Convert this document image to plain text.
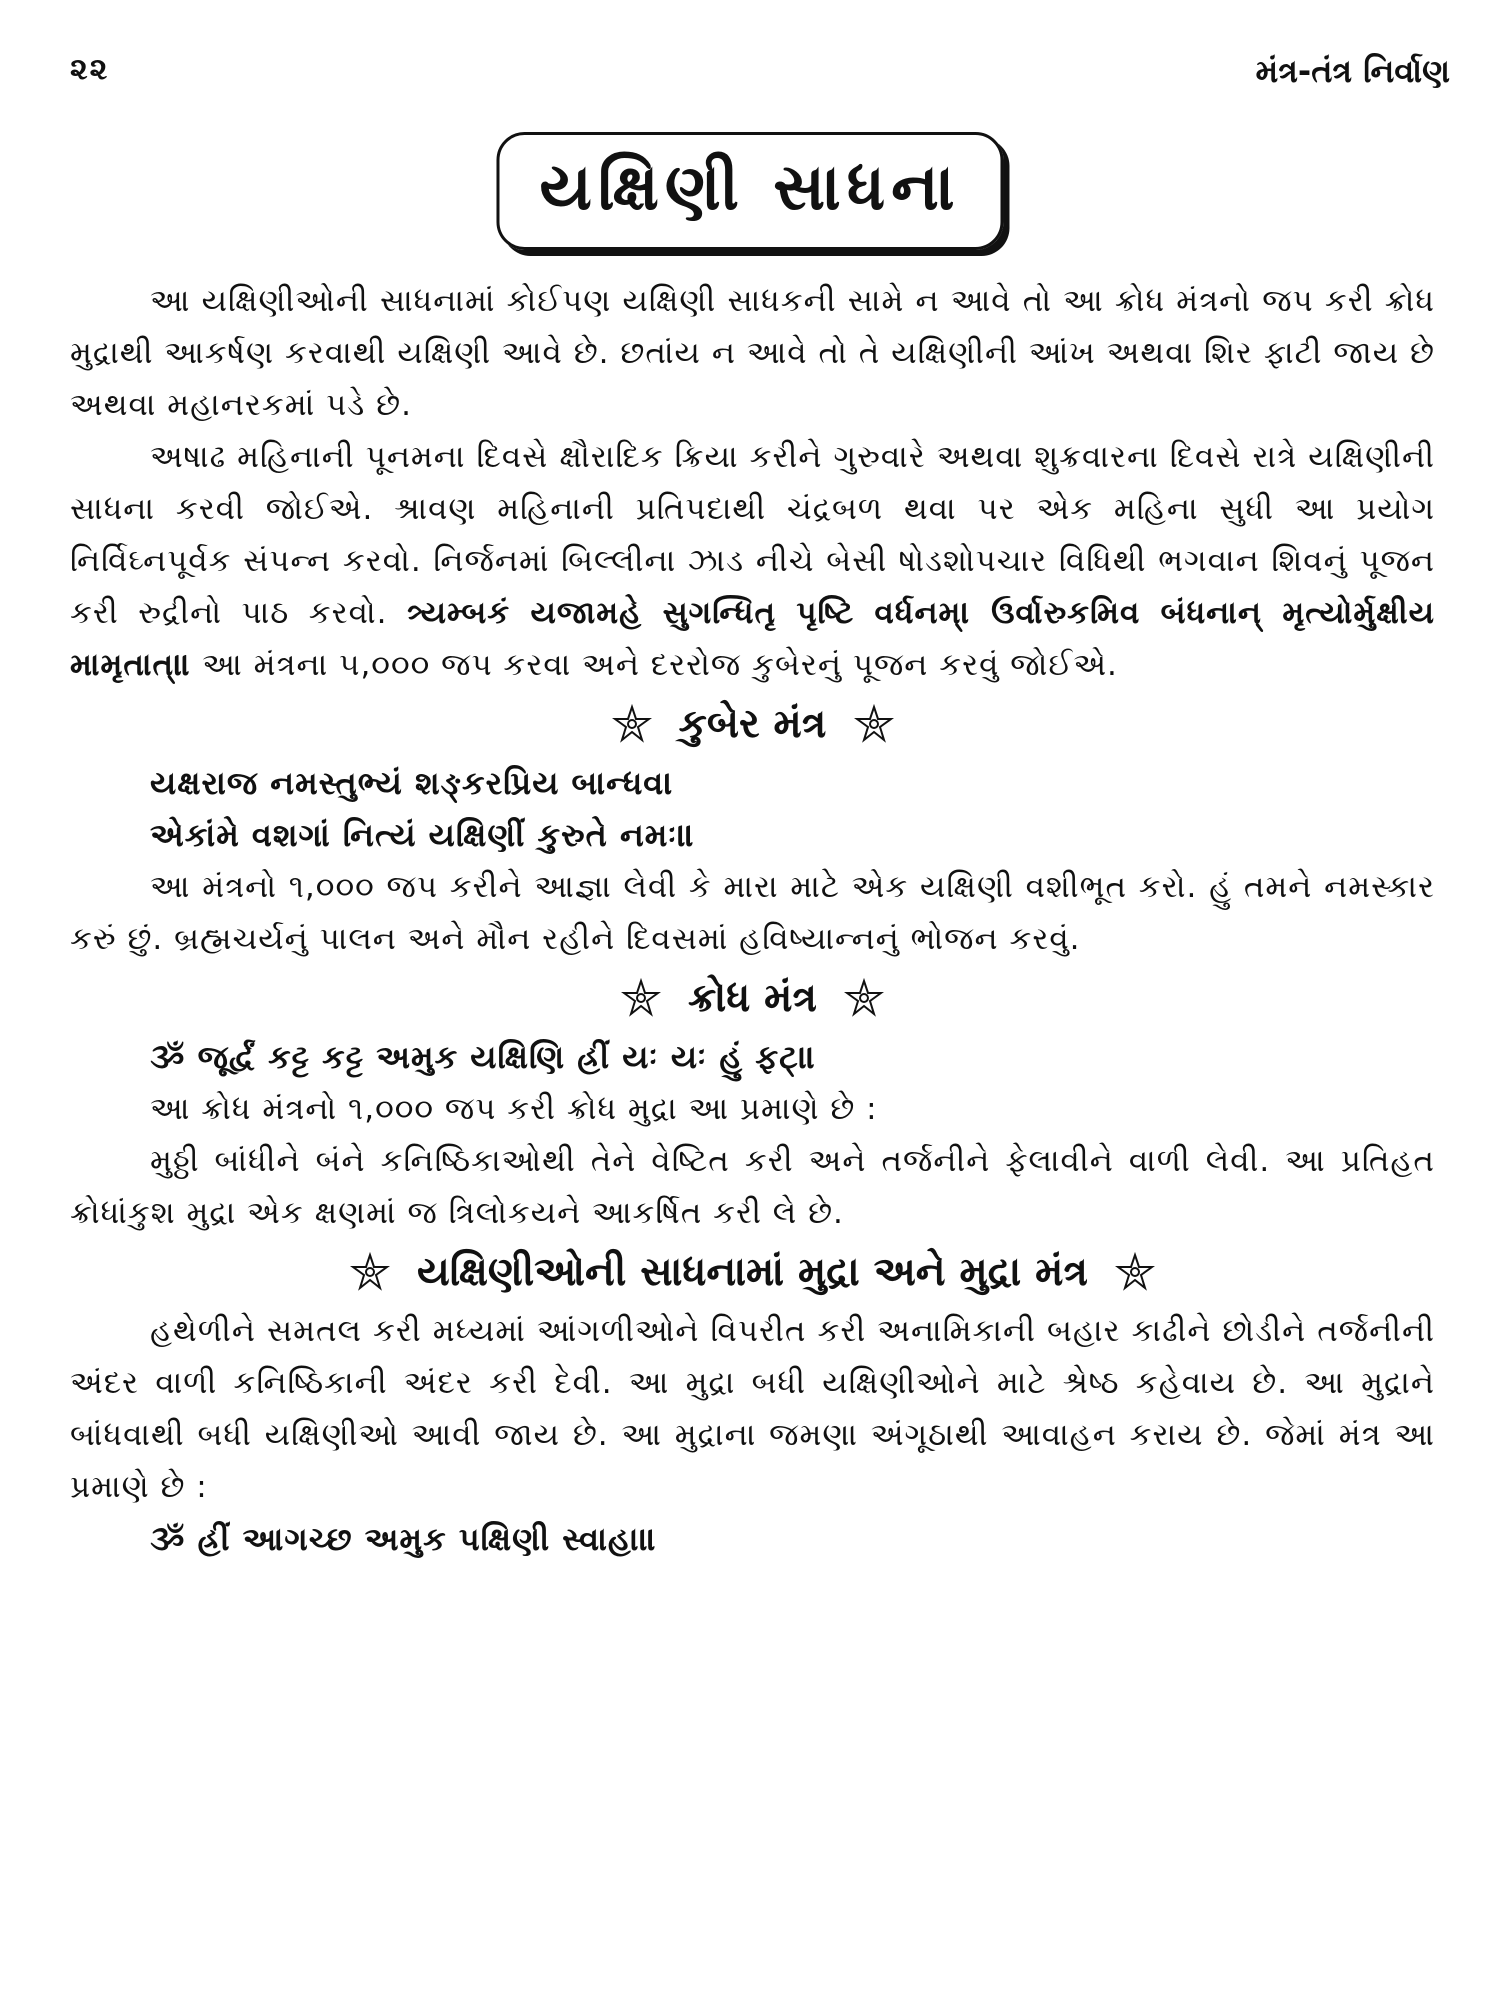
૨૨	મંત્ર-તંત્ર નિર્વાણ
યક્ષિણી સાધના

આ યક્ષિણીઓની સાધનામાં કોઈપણ યક્ષિણી સાધકની સામે ન આવે તો આ ક્રોધ મંત્રનો જપ કરી ક્રોધ મુદ્રાથી આકર્ષણ કરવાથી યક્ષિણી આવે છે. છતાંય ન આવે તો તે યક્ષિણીની આંખ અથવા શિર ફાટી જાય છે અથવા મહાનરકમાં પડે છે.

અષાઢ મહિનાની પૂનમના દિવસે ક્ષૌરાદિક ક્રિયા કરીને ગુરુવારે અથવા શુક્રવારના દિવસે રાત્રે યક્ષિણીની સાધના કરવી જોઈએ. શ્રાવણ મહિનાની પ્રતિપદાથી ચંદ્રબળ થવા પર એક મહિના સુધી આ પ્રયોગ નિર્વિઘ્નપૂર્વક સંપન્ન કરવો. નિર્જનમાં બિલ્લીના ઝાડ નીચે બેસી ષોડશોપચાર વિધિથી ભગવાન શિવનું પૂજન કરી રુદ્રીનો પાઠ કરવો. ત્ર્યમ્બકં યજામહે સુગન્ધિતૃ પૃષ્ટિ વર્ધનમ્। ઉર્વારુકમિવ બંધનાન્ મૃત્યોર્મુક્ષીય મામૃતાત્॥ આ મંત્રના ૫,૦૦૦ જપ કરવા અને દરરોજ કુબેરનું પૂજન કરવું જોઈએ.

કુબેર મંત્ર
યક્ષરાજ નમસ્તુભ્યં શઙ્કરપ્રિય બાન્ધવ।
એકાંમે વશગાં નિત્યં યક્ષિણીં કુરુતે નમઃ॥

આ મંત્રનો ૧,૦૦૦ જપ કરીને આજ્ઞા લેવી કે મારા માટે એક યક્ષિણી વશીભૂત કરો. હું તમને નમસ્કાર કરું છું. બ્રહ્મચર્યનું પાલન અને મૌન રહીને દિવસમાં હવિષ્યાન્નનું ભોજન કરવું.

ક્રોધ મંત્ર
ૐ જૂર્દ્વં કટ્ટ કટ્ટ અમુક યક્ષિણિ હ્રીં યઃ યઃ હું ફટ્॥

આ ક્રોધ મંત્રનો ૧,૦૦૦ જપ કરી ક્રોધ મુદ્રા આ પ્રમાણે છે :

મુઠ્ઠી બાંધીને બંને કનિષ્ઠિકાઓથી તેને વેષ્ટિત કરી અને તર્જનીને ફેલાવીને વાળી લેવી. આ પ્રતિહત ક્રોધાંકુશ મુદ્રા એક ક્ષણમાં જ ત્રિલોકયને આકર્ષિત કરી લે છે.

યક્ષિણીઓની સાધનામાં મુદ્રા અને મુદ્રા મંત્ર

હથેળીને સમતલ કરી મધ્યમાં આંગળીઓને વિપરીત કરી અનામિકાની બહાર કાઢીને છોડીને તર્જનીની અંદર વાળી કનિષ્ઠિકાની અંદર કરી દેવી. આ મુદ્રા બધી યક્ષિણીઓને માટે શ્રેષ્ઠ કહેવાય છે. આ મુદ્રાને બાંધવાથી બધી યક્ષિણીઓ આવી જાય છે. આ મુદ્રાના જમણા અંગૂઠાથી આવાહન કરાય છે. જેમાં મંત્ર આ પ્રમાણે છે :

ૐ હ્રીં આગચ્છ અમુક પક્ષિણી સ્વાહા॥
